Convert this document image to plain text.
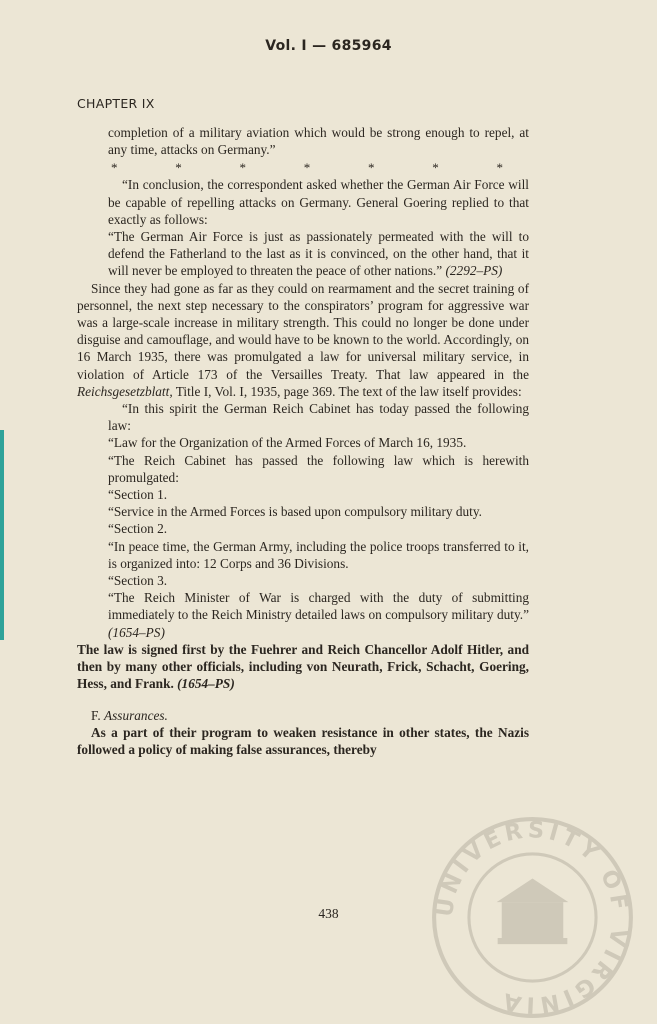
Vol. I — 685964
CHAPTER IX

completion of a military aviation which would be strong enough to repel, at any time, attacks on Germany.”

*	*	*	*	*	*	*

“In conclusion, the correspondent asked whether the German Air Force will be capable of repelling attacks on Germany. General Goering replied to that exactly as follows:

“The German Air Force is just as passionately permeated with the will to defend the Fatherland to the last as it is convinced, on the other hand, that it will never be employed to threaten the peace of other nations.” (2292–PS)

Since they had gone as far as they could on rearmament and the secret training of personnel, the next step necessary to the conspirators’ program for aggressive war was a large-scale increase in military strength. This could no longer be done under disguise and camouflage, and would have to be known to the world. Accordingly, on 16 March 1935, there was promulgated a law for universal military service, in violation of Article 173 of the Versailles Treaty. That law appeared in the Reichsgesetzblatt, Title I, Vol. I, 1935, page 369. The text of the law itself provides:

“In this spirit the German Reich Cabinet has today passed the following law:

“Law for the Organization of the Armed Forces of March 16, 1935.

“The Reich Cabinet has passed the following law which is herewith promulgated:

“Section 1.

“Service in the Armed Forces is based upon compulsory military duty.

“Section 2.

“In peace time, the German Army, including the police troops transferred to it, is organized into: 12 Corps and 36 Divisions.

“Section 3.

“The Reich Minister of War is charged with the duty of submitting immediately to the Reich Ministry detailed laws on compulsory military duty.” (1654–PS)

The law is signed first by the Fuehrer and Reich Chancellor Adolf Hitler, and then by many other officials, including von Neurath, Frick, Schacht, Goering, Hess, and Frank. (1654–PS)

F. Assurances.

As a part of their program to weaken resistance in other states, the Nazis followed a policy of making false assurances, thereby

438	UNIVERSITY OF VIRGINIA
